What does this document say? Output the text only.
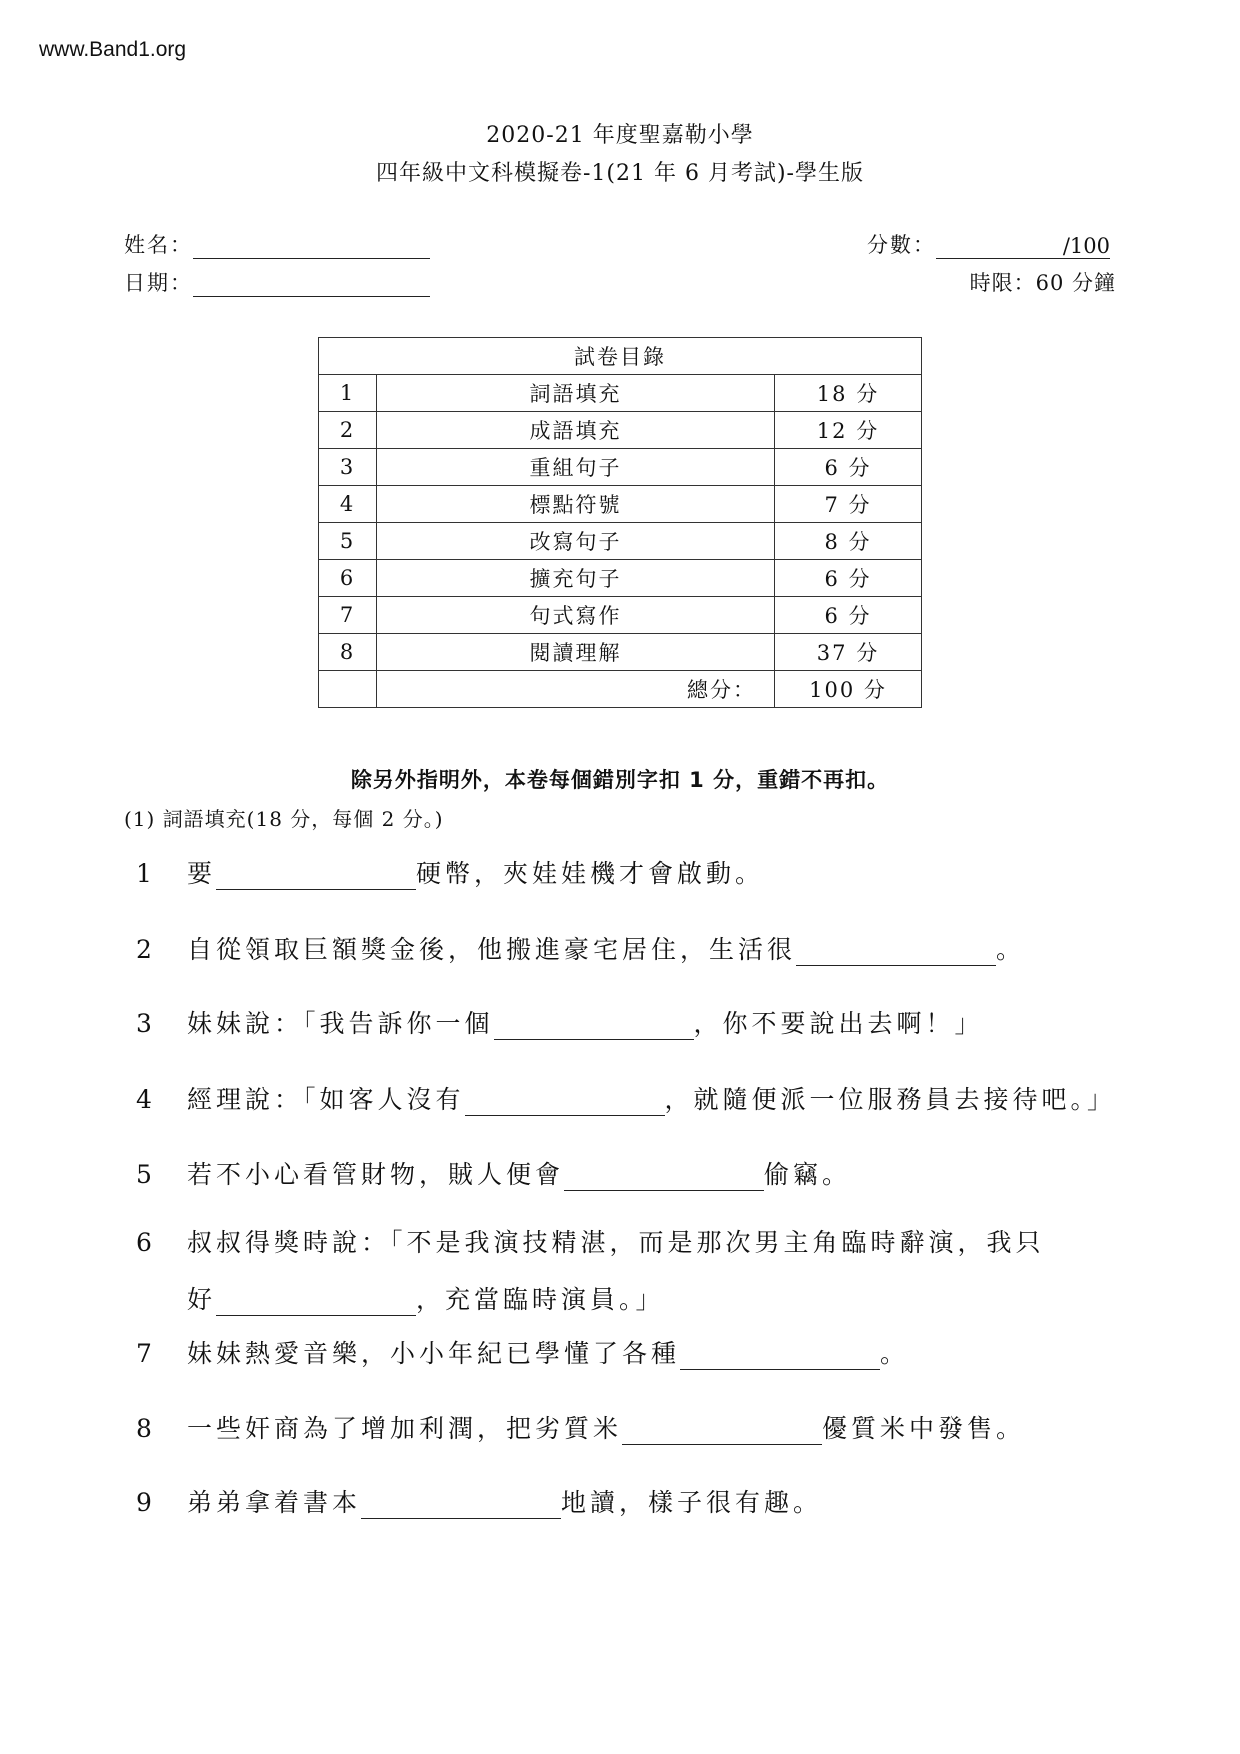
www.Band1.org
2020-21 年度聖嘉勒小學
四年級中文科模擬卷-1(21 年 6 月考試)-學生版
姓名：
日期：
分數：	/100
時限：60 分鐘
試卷目錄		
1	詞語填充	18 分
2	成語填充	12 分
3	重組句子	6 分
4	標點符號	7 分
5	改寫句子	8 分
6	擴充句子	6 分
7	句式寫作	6 分
8	閱讀理解	37 分
	總分：	100 分
除另外指明外，本卷每個錯別字扣 1 分，重錯不再扣。
(1) 詞語填充(18 分，每個 2 分。)
1 要	硬幣，夾娃娃機才會啟動。
2 自從領取巨額獎金後，他搬進豪宅居住，生活很	。
3 妹妹說：「我告訴你一個	，你不要說出去啊！」
4 經理說：「如客人沒有	，就隨便派一位服務員去接待吧。」
5 若不小心看管財物，賊人便會	偷竊。
6 叔叔得獎時說：「不是我演技精湛，而是那次男主角臨時辭演，我只
好	，充當臨時演員。」
7 妹妹熱愛音樂，小小年紀已學懂了各種	。
8 一些奸商為了增加利潤，把劣質米	優質米中發售。
9 弟弟拿着書本	地讀，樣子很有趣。
